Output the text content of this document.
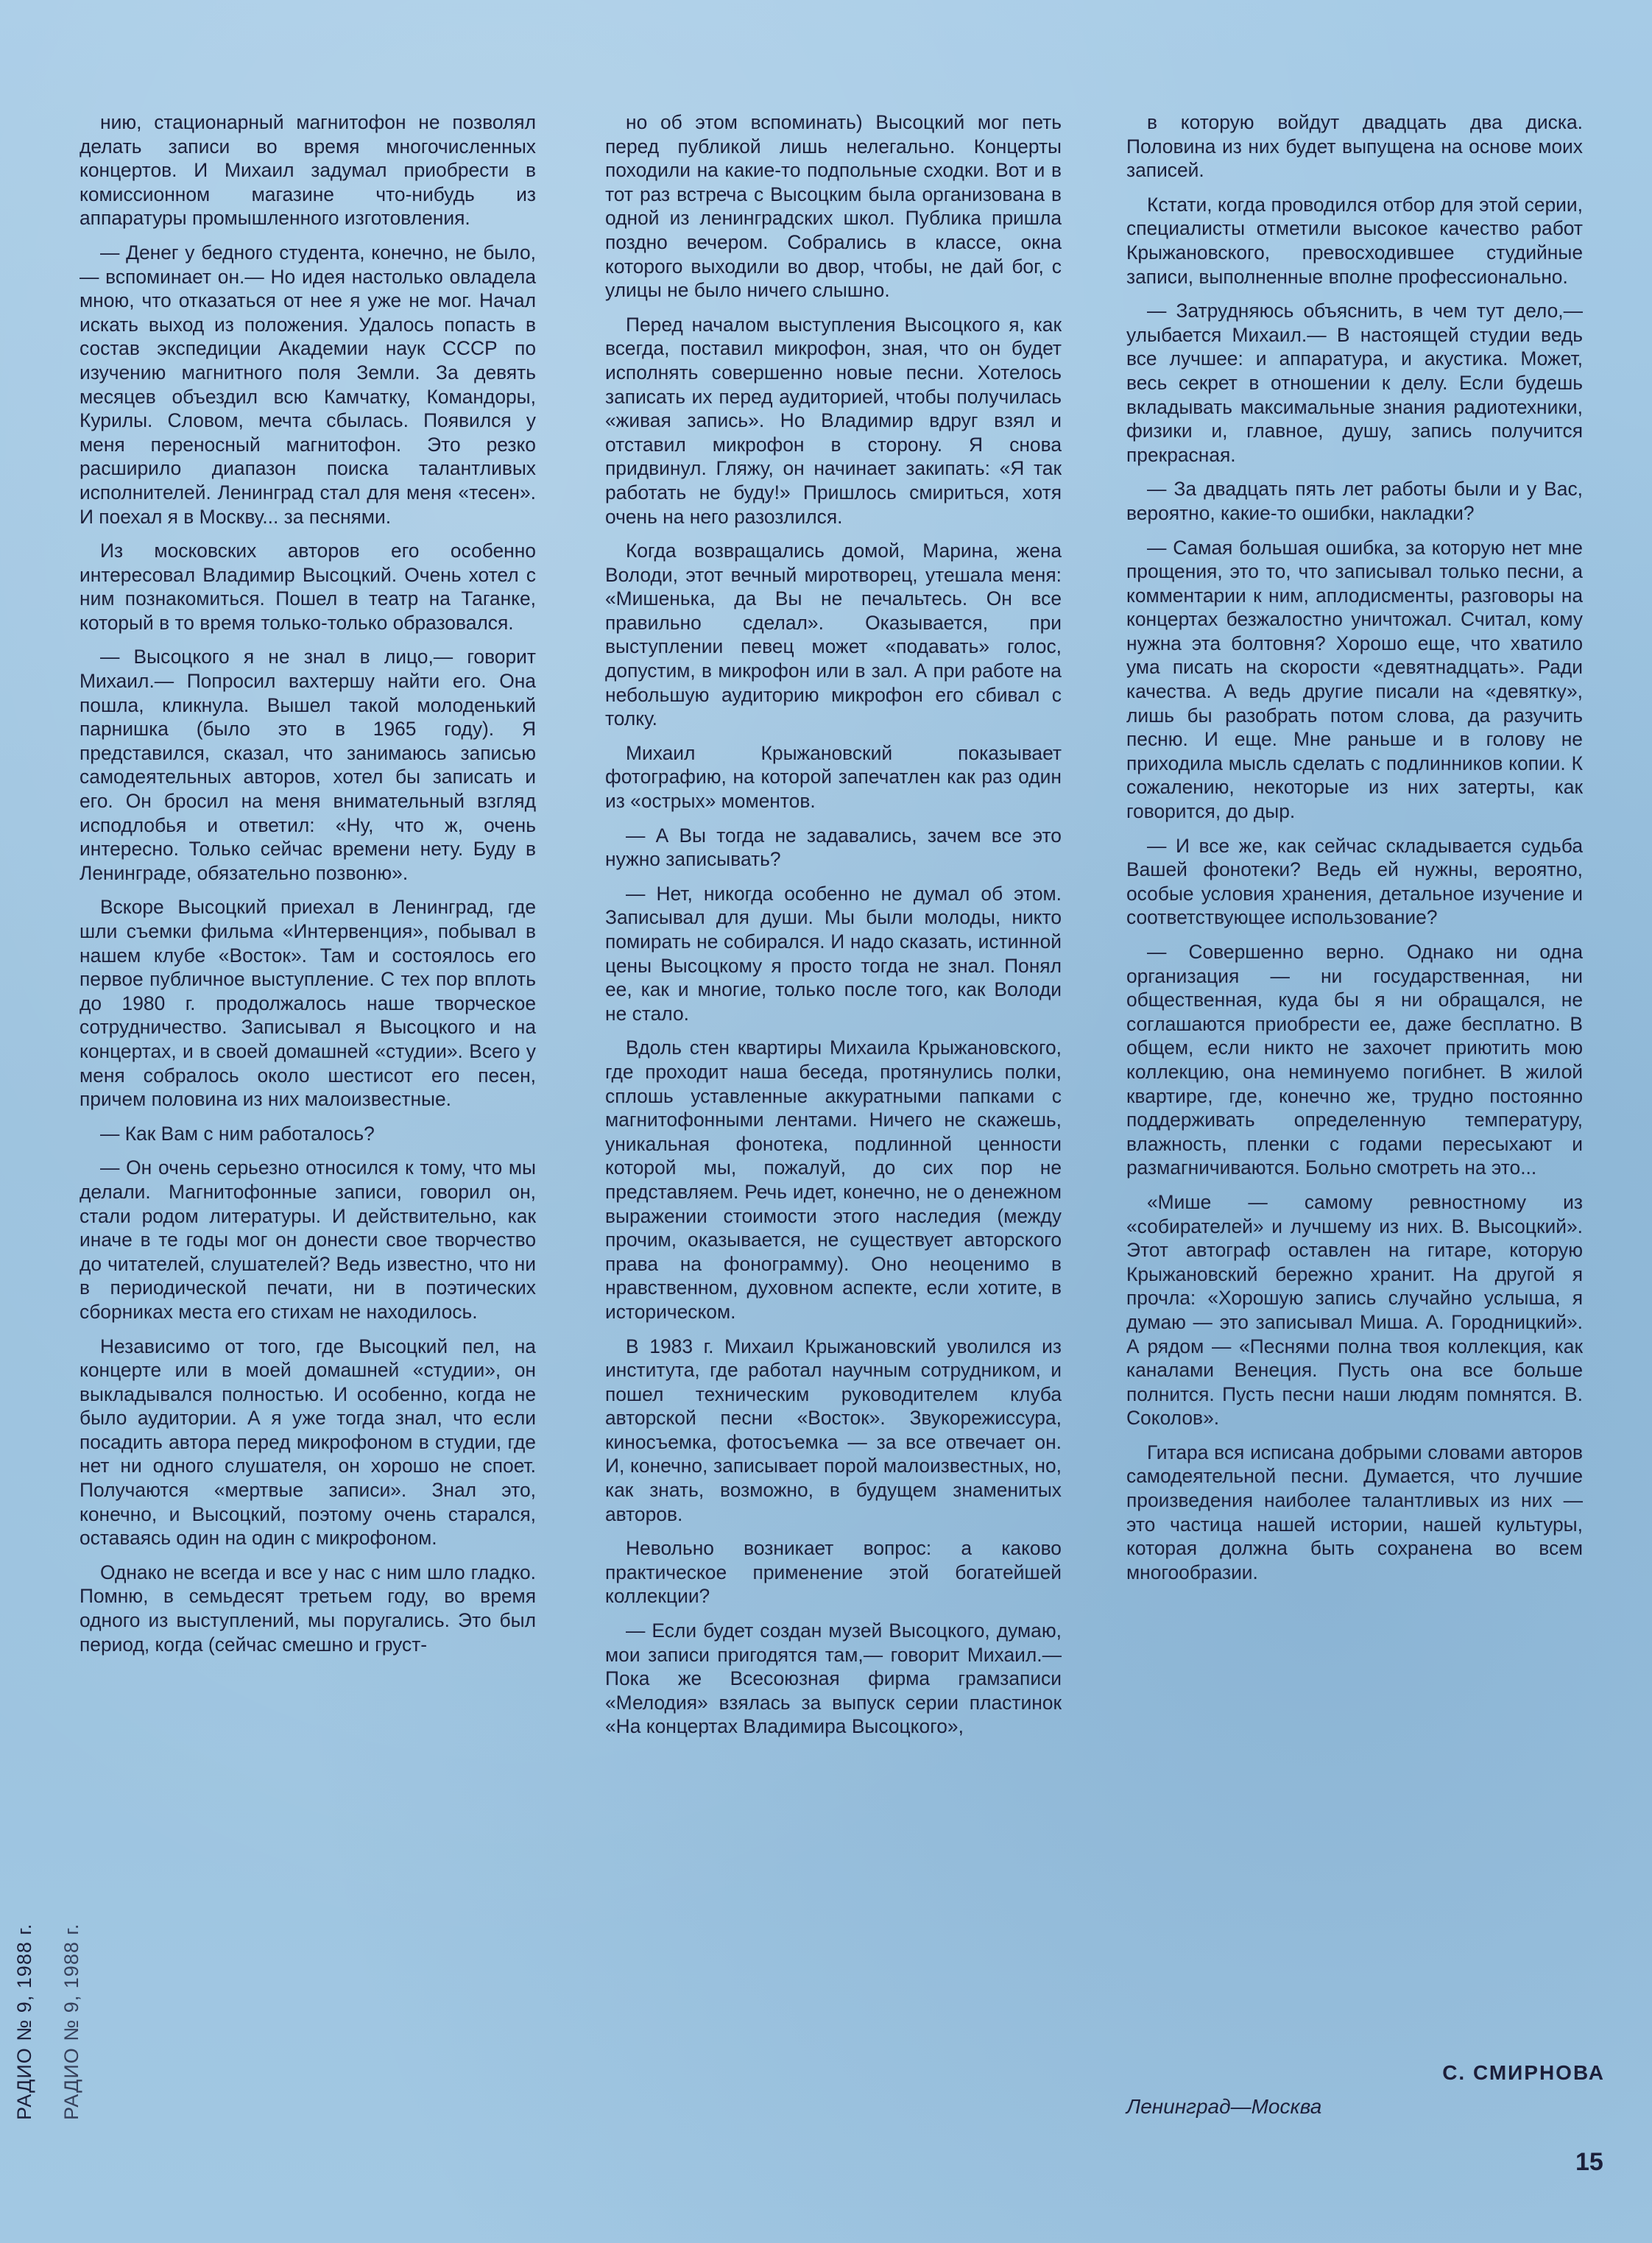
нию, стационарный магнитофон не позволял делать записи во время многочисленных концертов. И Михаил задумал приобрести в комиссионном магазине что-нибудь из аппаратуры промышленного изготовления.

— Денег у бедного студента, конечно, не было,— вспоминает он.— Но идея настолько овладела мною, что отказаться от нее я уже не мог. Начал искать выход из положения. Удалось попасть в состав экспедиции Академии наук СССР по изучению магнитного поля Земли. За девять месяцев объездил всю Камчатку, Командоры, Курилы. Словом, мечта сбылась. Появился у меня переносный магнитофон. Это резко расширило диапазон поиска талантливых исполнителей. Ленинград стал для меня «тесен». И поехал я в Москву... за песнями.

Из московских авторов его особенно интересовал Владимир Высоцкий. Очень хотел с ним познакомиться. Пошел в театр на Таганке, который в то время только-только образовался.

— Высоцкого я не знал в лицо,— говорит Михаил.— Попросил вахтершу найти его. Она пошла, кликнула. Вышел такой молоденький парнишка (было это в 1965 году). Я представился, сказал, что занимаюсь записью самодеятельных авторов, хотел бы записать и его. Он бросил на меня внимательный взгляд исподлобья и ответил: «Ну, что ж, очень интересно. Только сейчас времени нету. Буду в Ленинграде, обязательно позвоню».

Вскоре Высоцкий приехал в Ленинград, где шли съемки фильма «Интервенция», побывал в нашем клубе «Восток». Там и состоялось его первое публичное выступление. С тех пор вплоть до 1980 г. продолжалось наше творческое сотрудничество. Записывал я Высоцкого и на концертах, и в своей домашней «студии». Всего у меня собралось около шестисот его песен, причем половина из них малоизвестные.

— Как Вам с ним работалось?

— Он очень серьезно относился к тому, что мы делали. Магнитофонные записи, говорил он, стали родом литературы. И действительно, как иначе в те годы мог он донести свое творчество до читателей, слушателей? Ведь известно, что ни в периодической печати, ни в поэтических сборниках места его стихам не находилось.

Независимо от того, где Высоцкий пел, на концерте или в моей домашней «студии», он выкладывался полностью. И особенно, когда не было аудитории. А я уже тогда знал, что если посадить автора перед микрофоном в студии, где нет ни одного слушателя, он хорошо не споет. Получаются «мертвые записи». Знал это, конечно, и Высоцкий, поэтому очень старался, оставаясь один на один с микрофоном.

Однако не всегда и все у нас с ним шло гладко. Помню, в семьдесят третьем году, во время одного из выступлений, мы поругались. Это был период, когда (сейчас смешно и груст-

но об этом вспоминать) Высоцкий мог петь перед публикой лишь нелегально. Концерты походили на какие-то подпольные сходки. Вот и в тот раз встреча с Высоцким была организована в одной из ленинградских школ. Публика пришла поздно вечером. Собрались в классе, окна которого выходили во двор, чтобы, не дай бог, с улицы не было ничего слышно.

Перед началом выступления Высоцкого я, как всегда, поставил микрофон, зная, что он будет исполнять совершенно новые песни. Хотелось записать их перед аудиторией, чтобы получилась «живая запись». Но Владимир вдруг взял и отставил микрофон в сторону. Я снова придвинул. Гляжу, он начинает закипать: «Я так работать не буду!» Пришлось смириться, хотя очень на него разозлился.

Когда возвращались домой, Марина, жена Володи, этот вечный миротворец, утешала меня: «Мишенька, да Вы не печальтесь. Он все правильно сделал». Оказывается, при выступлении певец может «подавать» голос, допустим, в микрофон или в зал. А при работе на небольшую аудиторию микрофон его сбивал с толку.

Михаил Крыжановский показывает фотографию, на которой запечатлен как раз один из «острых» моментов.

— А Вы тогда не задавались, зачем все это нужно записывать?

— Нет, никогда особенно не думал об этом. Записывал для души. Мы были молоды, никто помирать не собирался. И надо сказать, истинной цены Высоцкому я просто тогда не знал. Понял ее, как и многие, только после того, как Володи не стало.

Вдоль стен квартиры Михаила Крыжановского, где проходит наша беседа, протянулись полки, сплошь уставленные аккуратными папками с магнитофонными лентами. Ничего не скажешь, уникальная фонотека, подлинной ценности которой мы, пожалуй, до сих пор не представляем. Речь идет, конечно, не о денежном выражении стоимости этого наследия (между прочим, оказывается, не существует авторского права на фонограмму). Оно неоценимо в нравственном, духовном аспекте, если хотите, в историческом.

В 1983 г. Михаил Крыжановский уволился из института, где работал научным сотрудником, и пошел техническим руководителем клуба авторской песни «Восток». Звукорежиссура, киносъемка, фотосъемка — за все отвечает он. И, конечно, записывает порой малоизвестных, но, как знать, возможно, в будущем знаменитых авторов.

Невольно возникает вопрос: а каково практическое применение этой богатейшей коллекции?

— Если будет создан музей Высоцкого, думаю, мои записи пригодятся там,— говорит Михаил.— Пока же Всесоюзная фирма грамзаписи «Мелодия» взялась за выпуск серии пластинок «На концертах Владимира Высоцкого»,

в которую войдут двадцать два диска. Половина из них будет выпущена на основе моих записей.

Кстати, когда проводился отбор для этой серии, специалисты отметили высокое качество работ Крыжановского, превосходившее студийные записи, выполненные вполне профессионально.

— Затрудняюсь объяснить, в чем тут дело,— улыбается Михаил.— В настоящей студии ведь все лучшее: и аппаратура, и акустика. Может, весь секрет в отношении к делу. Если будешь вкладывать максимальные знания радиотехники, физики и, главное, душу, запись получится прекрасная.

— За двадцать пять лет работы были и у Вас, вероятно, какие-то ошибки, накладки?

— Самая большая ошибка, за которую нет мне прощения, это то, что записывал только песни, а комментарии к ним, аплодисменты, разговоры на концертах безжалостно уничтожал. Считал, кому нужна эта болтовня? Хорошо еще, что хватило ума писать на скорости «девятнадцать». Ради качества. А ведь другие писали на «девятку», лишь бы разобрать потом слова, да разучить песню. И еще. Мне раньше и в голову не приходила мысль сделать с подлинников копии. К сожалению, некоторые из них затерты, как говорится, до дыр.

— И все же, как сейчас складывается судьба Вашей фонотеки? Ведь ей нужны, вероятно, особые условия хранения, детальное изучение и соответствующее использование?

— Совершенно верно. Однако ни одна организация — ни государственная, ни общественная, куда бы я ни обращался, не соглашаются приобрести ее, даже бесплатно. В общем, если никто не захочет приютить мою коллекцию, она неминуемо погибнет. В жилой квартире, где, конечно же, трудно постоянно поддерживать определенную температуру, влажность, пленки с годами пересыхают и размагничиваются. Больно смотреть на это...

«Мише — самому ревностному из «собирателей» и лучшему из них. В. Высоцкий». Этот автограф оставлен на гитаре, которую Крыжановский бережно хранит. На другой я прочла: «Хорошую запись случайно услыша, я думаю — это записывал Миша. А. Городницкий». А рядом — «Песнями полна твоя коллекция, как каналами Венеция. Пусть она все больше полнится. Пусть песни наши людям помнятся. В. Соколов».

Гитара вся исписана добрыми словами авторов самодеятельной песни. Думается, что лучшие произведения наиболее талантливых из них — это частица нашей истории, нашей культуры, которая должна быть сохранена во всем многообразии.

С. СМИРНОВА
Ленинград—Москва
15
РАДИО № 9, 1988 г. РАДИО № 9, 1988 г.
